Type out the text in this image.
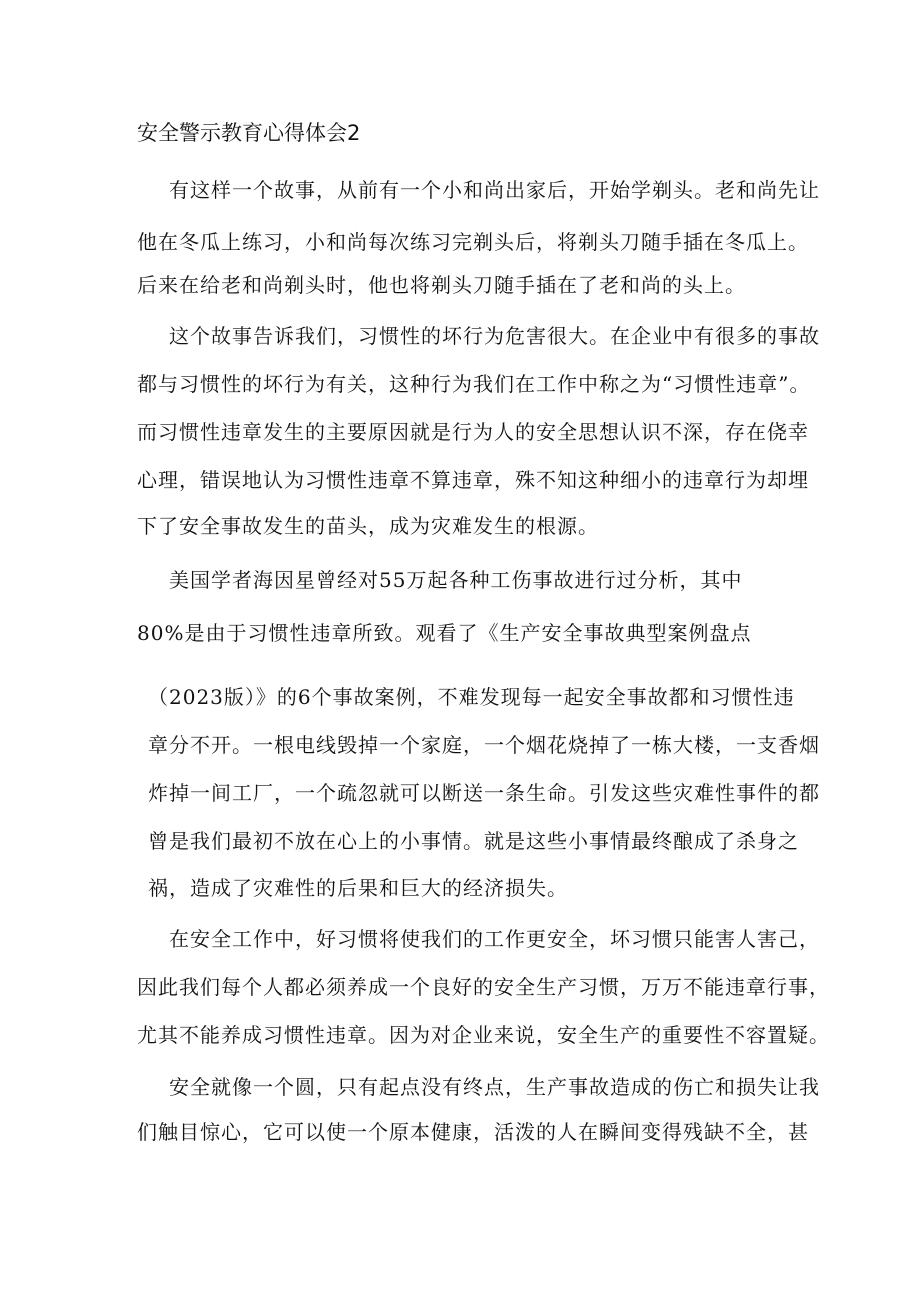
安全警示教育心得体会2
有这样一个故事，从前有一个小和尚出家后，开始学剃头。老和尚先让
他在冬瓜上练习，小和尚每次练习完剃头后，将剃头刀随手插在冬瓜上。
后来在给老和尚剃头时，他也将剃头刀随手插在了老和尚的头上。
这个故事告诉我们，习惯性的坏行为危害很大。在企业中有很多的事故
都与习惯性的坏行为有关，这种行为我们在工作中称之为“习惯性违章”。
而习惯性违章发生的主要原因就是行为人的安全思想认识不深，存在侥幸
心理，错误地认为习惯性违章不算违章，殊不知这种细小的违章行为却埋
下了安全事故发生的苗头，成为灾难发生的根源。
美国学者海因星曾经对55万起各种工伤事故进行过分析，其中
80%是由于习惯性违章所致。观看了《生产安全事故典型案例盘点
（2023版）》的6个事故案例，不难发现每一起安全事故都和习惯性违
章分不开。一根电线毁掉一个家庭，一个烟花烧掉了一栋大楼，一支香烟
炸掉一间工厂，一个疏忽就可以断送一条生命。引发这些灾难性事件的都
曾是我们最初不放在心上的小事情。就是这些小事情最终酿成了杀身之
祸，造成了灾难性的后果和巨大的经济损失。
在安全工作中，好习惯将使我们的工作更安全，坏习惯只能害人害己，
因此我们每个人都必须养成一个良好的安全生产习惯，万万不能违章行事，
尤其不能养成习惯性违章。因为对企业来说，安全生产的重要性不容置疑。
安全就像一个圆，只有起点没有终点，生产事故造成的伤亡和损失让我
们触目惊心，它可以使一个原本健康，活泼的人在瞬间变得残缺不全，甚
